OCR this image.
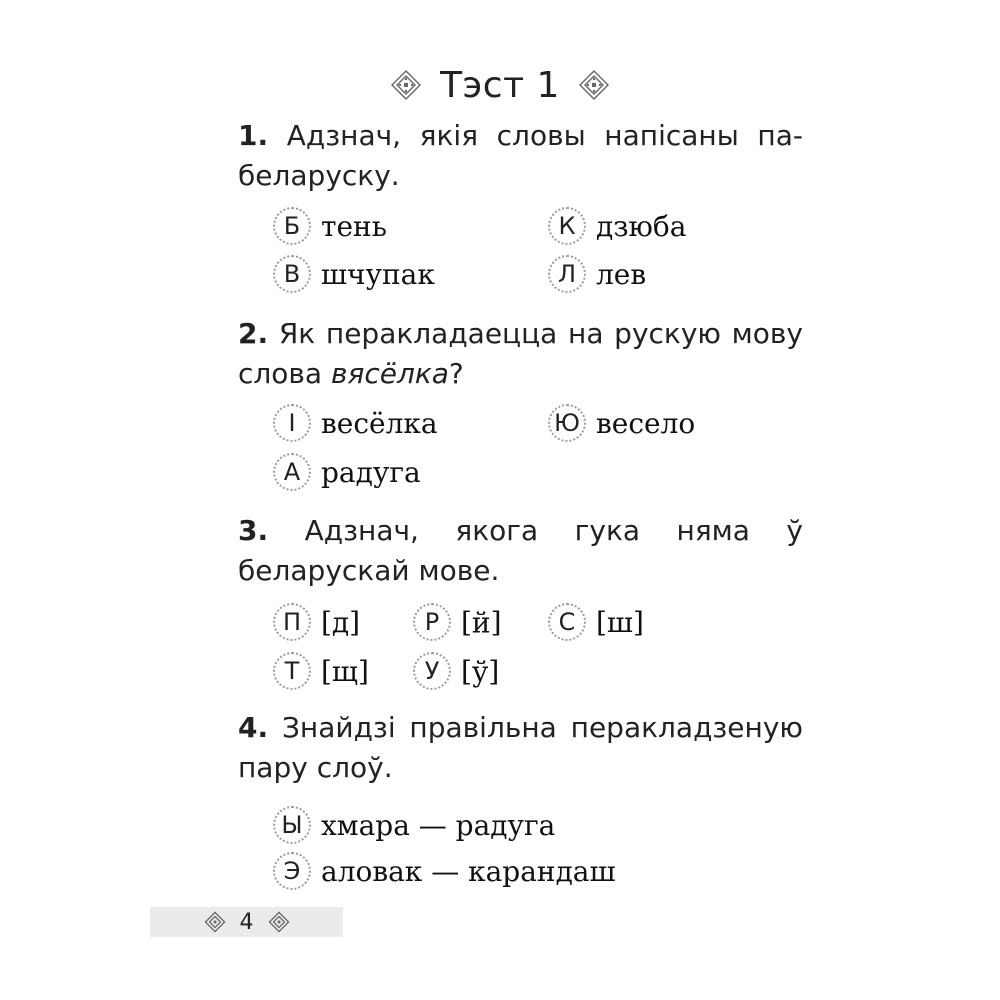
Тэст 1
1. Адзнач, якія словы напісаны па-беларуску.
Б тень	К дзюба
В шчупак	Л лев
2. Як перакладаецца на рускую мову слова вясёлка?
І весёлка	Ю весело
А радуга
3. Адзнач, якога гука няма ў беларускай мове.
П [д]	Р [й]	С [ш]
Т [щ]	У [ў]
4. Знайдзі правільна перакладзеную пару слоў.
Ы хмара — радуга
Э аловак — карандаш
4
